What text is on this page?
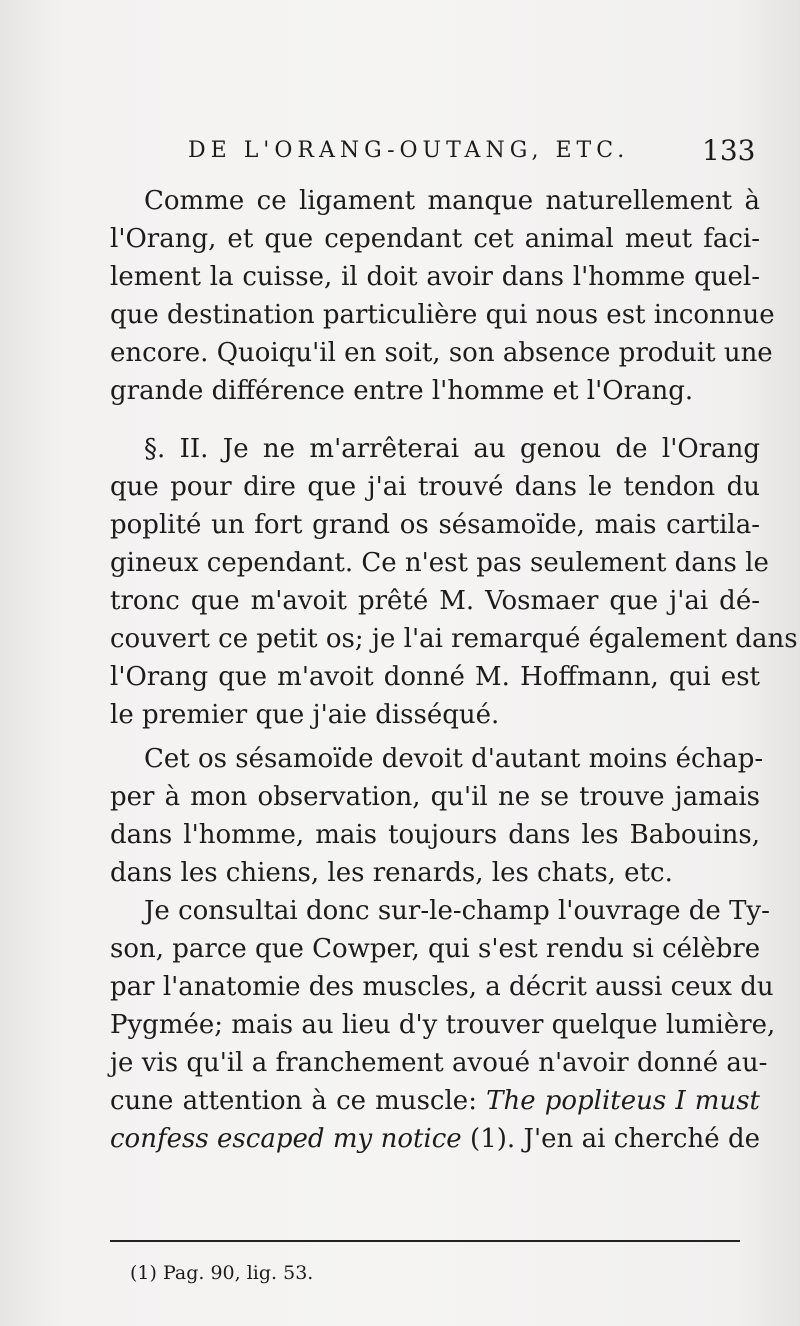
DE L'ORANG-OUTANG, ETC.	133
Comme ce ligament manque naturellement à
l'Orang, et que cependant cet animal meut faci-
lement la cuisse, il doit avoir dans l'homme quel-
que destination particulière qui nous est inconnue
encore. Quoiqu'il en soit, son absence produit une
grande différence entre l'homme et l'Orang.
§. II. Je ne m'arrêterai au genou de l'Orang
que pour dire que j'ai trouvé dans le tendon du
poplité un fort grand os sésamoïde, mais cartila-
gineux cependant. Ce n'est pas seulement dans le
tronc que m'avoit prêté M. Vosmaer que j'ai dé-
couvert ce petit os; je l'ai remarqué également dans
l'Orang que m'avoit donné M. Hoffmann, qui est
le premier que j'aie disséqué.
Cet os sésamoïde devoit d'autant moins échap-
per à mon observation, qu'il ne se trouve jamais
dans l'homme, mais toujours dans les Babouins,
dans les chiens, les renards, les chats, etc.
Je consultai donc sur-le-champ l'ouvrage de Ty-
son, parce que Cowper, qui s'est rendu si célèbre
par l'anatomie des muscles, a décrit aussi ceux du
Pygmée; mais au lieu d'y trouver quelque lumière,
je vis qu'il a franchement avoué n'avoir donné au-
cune attention à ce muscle: The popliteus I must
confess escaped my notice (1). J'en ai cherché de
(1) Pag. 90, lig. 53.
